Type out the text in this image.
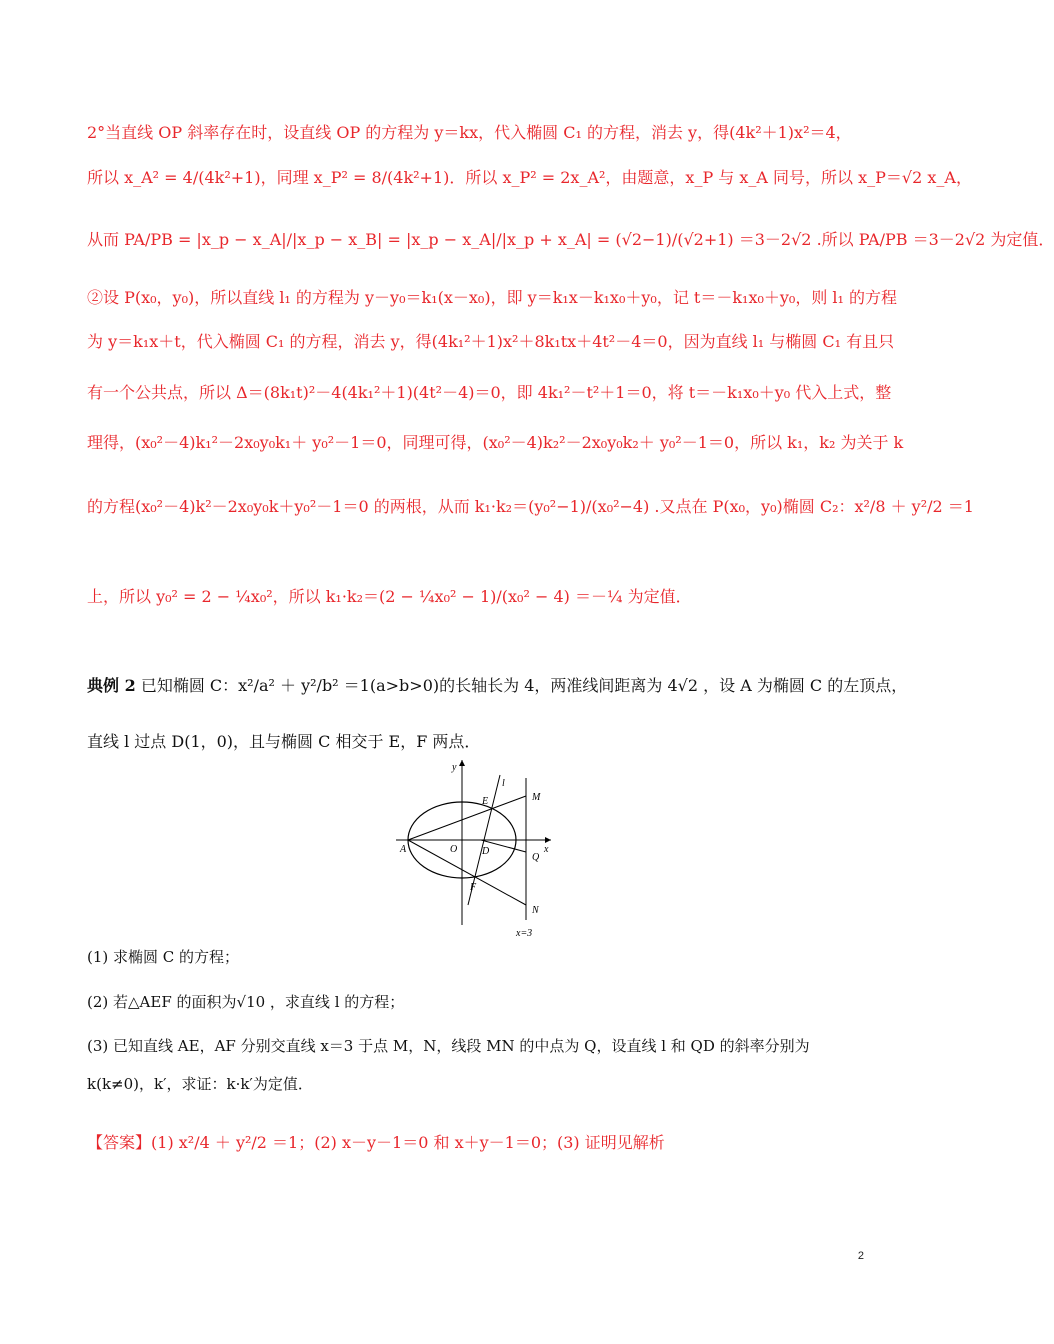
2°当直线 OP 斜率存在时，设直线 OP 的方程为 y＝kx，代入椭圆 C₁ 的方程，消去 y，得(4k²＋1)x²＝4，
所以 x_A² = 4/(4k²+1)，同理 x_P² = 8/(4k²+1)．所以 x_P² = 2x_A²，由题意，x_P 与 x_A 同号，所以 x_P＝√2 x_A，
从而 PA/PB = |x_p − x_A|/|x_p − x_B| = |x_p − x_A|/|x_p + x_A| = (√2−1)/(√2+1) ＝3－2√2 .所以 PA/PB ＝3－2√2 为定值．
②设 P(x₀，y₀)，所以直线 l₁ 的方程为 y－y₀＝k₁(x－x₀)，即 y＝k₁x－k₁x₀＋y₀，记 t＝－k₁x₀＋y₀，则 l₁ 的方程
为 y＝k₁x＋t，代入椭圆 C₁ 的方程，消去 y，得(4k₁²＋1)x²＋8k₁tx＋4t²－4＝0，因为直线 l₁ 与椭圆 C₁ 有且只
有一个公共点，所以 Δ＝(8k₁t)²－4(4k₁²＋1)(4t²－4)＝0，即 4k₁²－t²＋1＝0，将 t＝－k₁x₀＋y₀ 代入上式，整
理得，(x₀²－4)k₁²－2x₀y₀k₁＋ y₀²－1＝0，同理可得，(x₀²－4)k₂²－2x₀y₀k₂＋ y₀²－1＝0，所以 k₁，k₂ 为关于 k
的方程(x₀²－4)k²－2x₀y₀k＋y₀²－1＝0 的两根，从而 k₁·k₂＝(y₀²−1)/(x₀²−4) .又点在 P(x₀，y₀)椭圆 C₂：x²/8 ＋ y²/2 ＝1
上，所以 y₀² = 2 − ¼x₀²，所以 k₁·k₂＝(2 − ¼x₀² − 1)/(x₀² − 4) ＝－¼ 为定值．
典例 2 已知椭圆 C：x²/a² ＋ y²/b² ＝1(a>b>0)的长轴长为 4，两准线间距离为 4√2 ，设 A 为椭圆 C 的左顶点，
直线 l 过点 D(1，0)，且与椭圆 C 相交于 E，F 两点．
y
x
l
E	M
A	O D
Q
F
N
x=3
(1) 求椭圆 C 的方程；
(2) 若△AEF 的面积为√10 ，求直线 l 的方程；
(3) 已知直线 AE，AF 分别交直线 x＝3 于点 M，N，线段 MN 的中点为 Q，设直线 l 和 QD 的斜率分别为
k(k≠0)，k′，求证：k·k′为定值．
【答案】(1) x²/4 ＋ y²/2 ＝1；(2) x－y－1＝0 和 x＋y－1＝0；(3) 证明见解析
2
